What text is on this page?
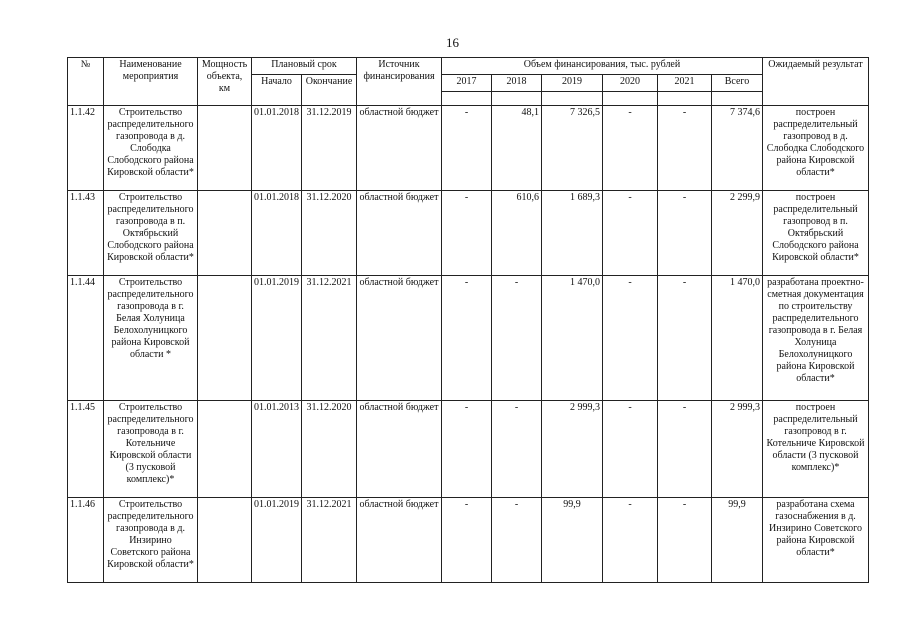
16
№	Наименование мероприятия	Мощность объекта, км	Плановый срок		Источник финансирования	Объем финансирования, тыс. рублей						Ожидаемый результат
			Начало	Окончание		2017	2018	2019	2020	2021	Всего	

1.1.42	Строительство распределительного газопровода в д. Слободка Слободского района Кировской области*		01.01.2018	31.12.2019	областной бюджет	-	48,1	7 326,5	-	-	7 374,6	построен распределительный газопровод в д. Слободка Слободского района Кировской области*
1.1.43	Строительство распределительного газопровода в п. Октябрьский Слободского района Кировской области*		01.01.2018	31.12.2020	областной бюджет	-	610,6	1 689,3	-	-	2 299,9	построен распределительный газопровод в п. Октябрьский Слободского района Кировской области*
1.1.44	Строительство распределительного газопровода в г. Белая Холуница Белохолуницкого района Кировской области *		01.01.2019	31.12.2021	областной бюджет	-	-	1 470,0	-	-	1 470,0	разработана проектно-сметная документация по строительству распределительного газопровода в г. Белая Холуница Белохолуницкого района Кировской области*
1.1.45	Строительство распределительного газопровода в г. Котельниче Кировской области (3 пусковой комплекс)*		01.01.2013	31.12.2020	областной бюджет	-	-	2 999,3	-	-	2 999,3	построен распределительный газопровод в г. Котельниче Кировской области (3 пусковой комплекс)*
1.1.46	Строительство распределительного газопровода в д. Инзирино Советского района Кировской области*		01.01.2019	31.12.2021	областной бюджет	-	-	99,9	-	-	99,9	разработана схема газоснабжения в д. Инзирино Советского района Кировской области*
